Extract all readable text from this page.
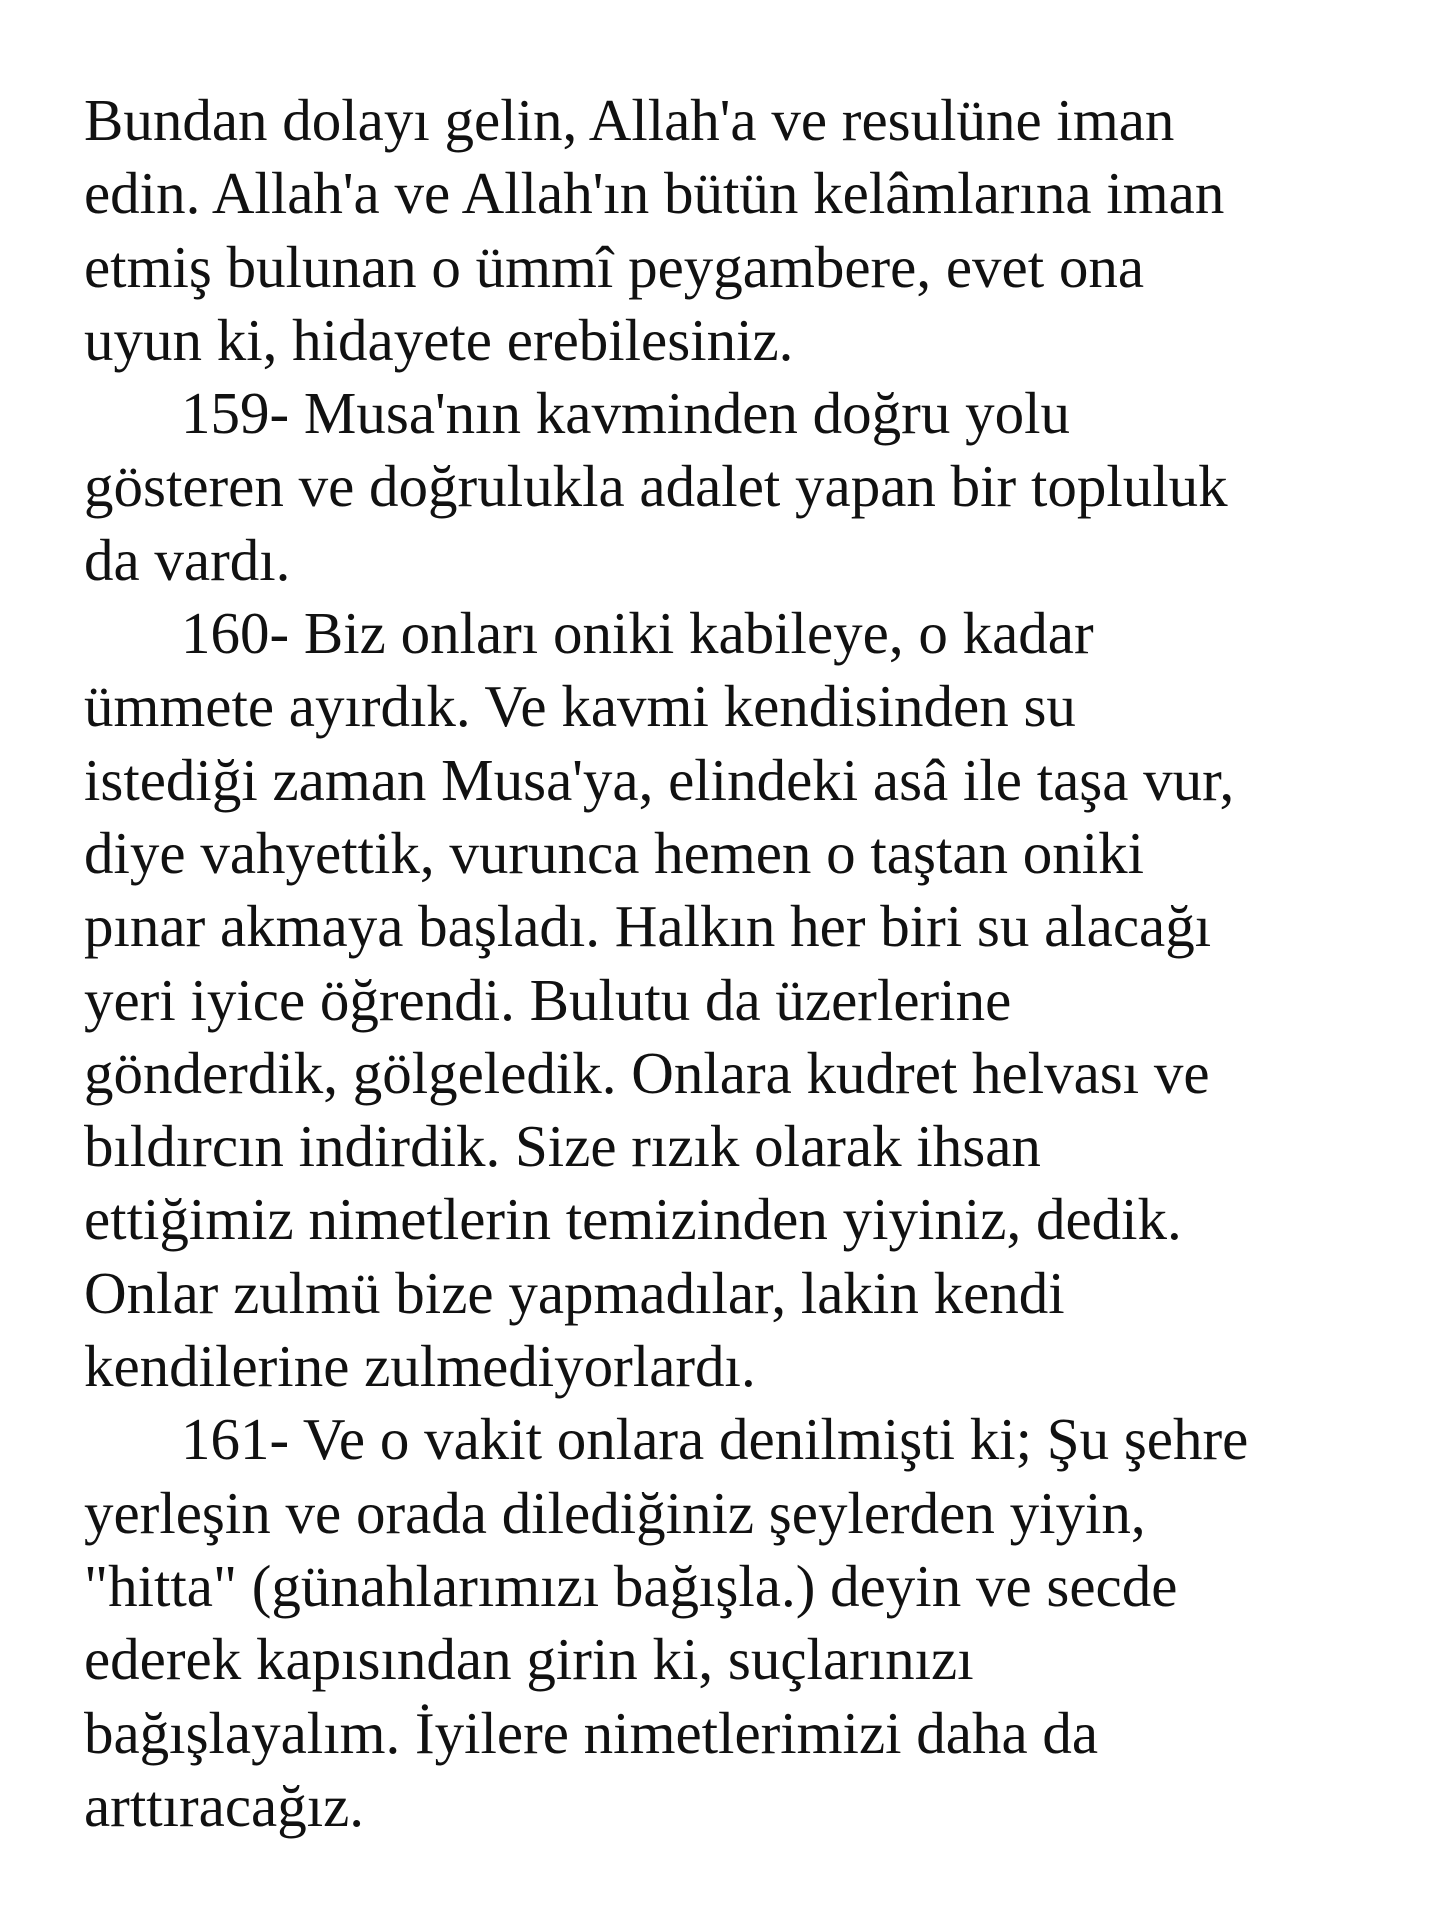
Bundan dolayı gelin, Allah'a ve resulüne iman
edin. Allah'a ve Allah'ın bütün kelâmlarına iman
etmiş bulunan o ümmî peygambere, evet ona
uyun ki, hidayete erebilesiniz.

159- Musa'nın kavminden doğru yolu
gösteren ve doğrulukla adalet yapan bir topluluk
da vardı.

160- Biz onları oniki kabileye, o kadar
ümmete ayırdık. Ve kavmi kendisinden su
istediği zaman Musa'ya, elindeki asâ ile taşa vur,
diye vahyettik, vurunca hemen o taştan oniki
pınar akmaya başladı. Halkın her biri su alacağı
yeri iyice öğrendi. Bulutu da üzerlerine
gönderdik, gölgeledik. Onlara kudret helvası ve
bıldırcın indirdik. Size rızık olarak ihsan
ettiğimiz nimetlerin temizinden yiyiniz, dedik.
Onlar zulmü bize yapmadılar, lakin kendi
kendilerine zulmediyorlardı.

161- Ve o vakit onlara denilmişti ki; Şu şehre
yerleşin ve orada dilediğiniz şeylerden yiyin,
"hitta" (günahlarımızı bağışla.) deyin ve secde
ederek kapısından girin ki, suçlarınızı
bağışlayalım. İyilere nimetlerimizi daha da
arttıracağız.
